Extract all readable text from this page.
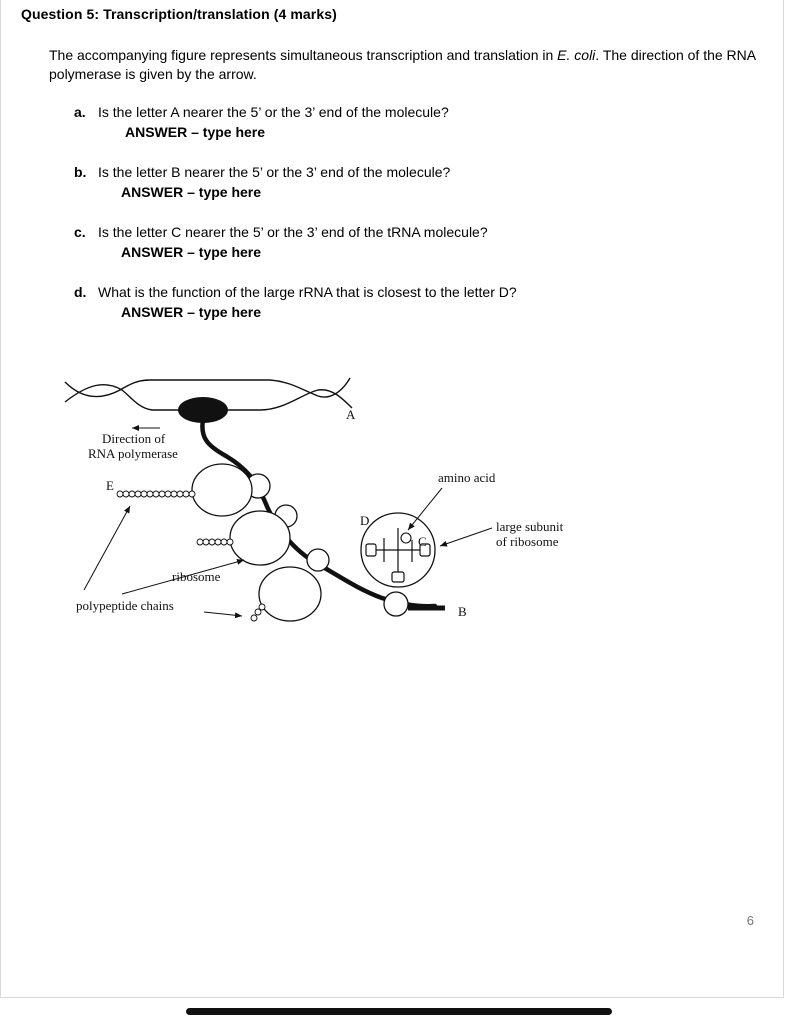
Question 5: Transcription/translation (4 marks)
The accompanying figure represents simultaneous transcription and translation in E. coli. The direction of the RNA polymerase is given by the arrow.
a. Is the letter A nearer the 5’ or the 3’ end of the molecule?
ANSWER – type here
b. Is the letter B nearer the 5’ or the 3’ end of the molecule?
ANSWER – type here
c. Is the letter C nearer the 5’ or the 3’ end of the tRNA molecule?
ANSWER – type here
d. What is the function of the large rRNA that is closest to the letter D?
ANSWER – type here
Direction of
RNA polymerase
A
E
D
C
B
amino acid
large subunit
of ribosome
ribosome
polypeptide chains
6
